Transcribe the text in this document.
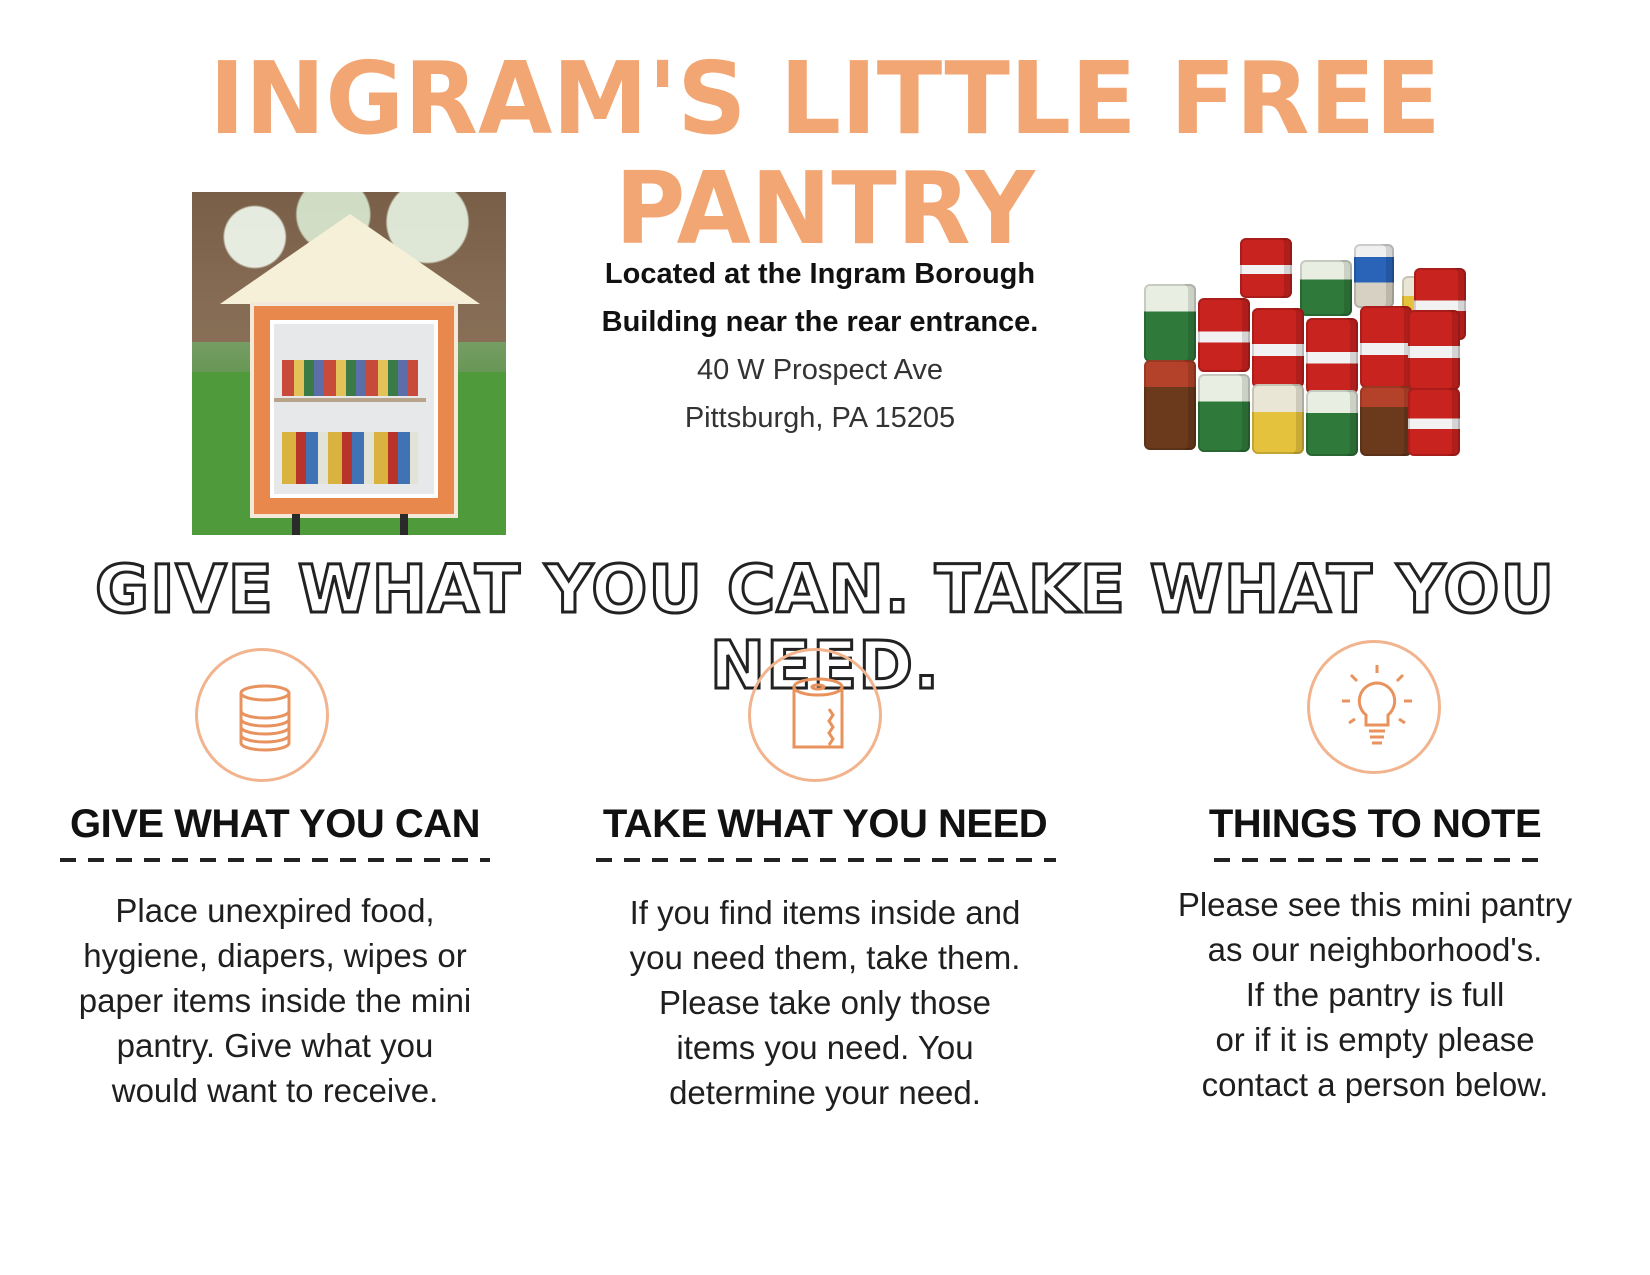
INGRAM'S LITTLE FREE PANTRY
Located at the Ingram Borough
Building near the rear entrance.
40 W Prospect Ave
Pittsburgh, PA 15205
GIVE WHAT YOU CAN. TAKE WHAT YOU NEED.
GIVE WHAT YOU CAN
Place unexpired food,
hygiene, diapers, wipes or
paper items inside the mini
pantry. Give what you
would want to receive.
TAKE WHAT YOU NEED
If you find items inside and
you need them, take them.
Please take only those
items you need. You
determine your need.
THINGS TO NOTE
Please see this mini pantry
as our neighborhood's.
If the pantry is full
or if it is empty please
contact a person below.
